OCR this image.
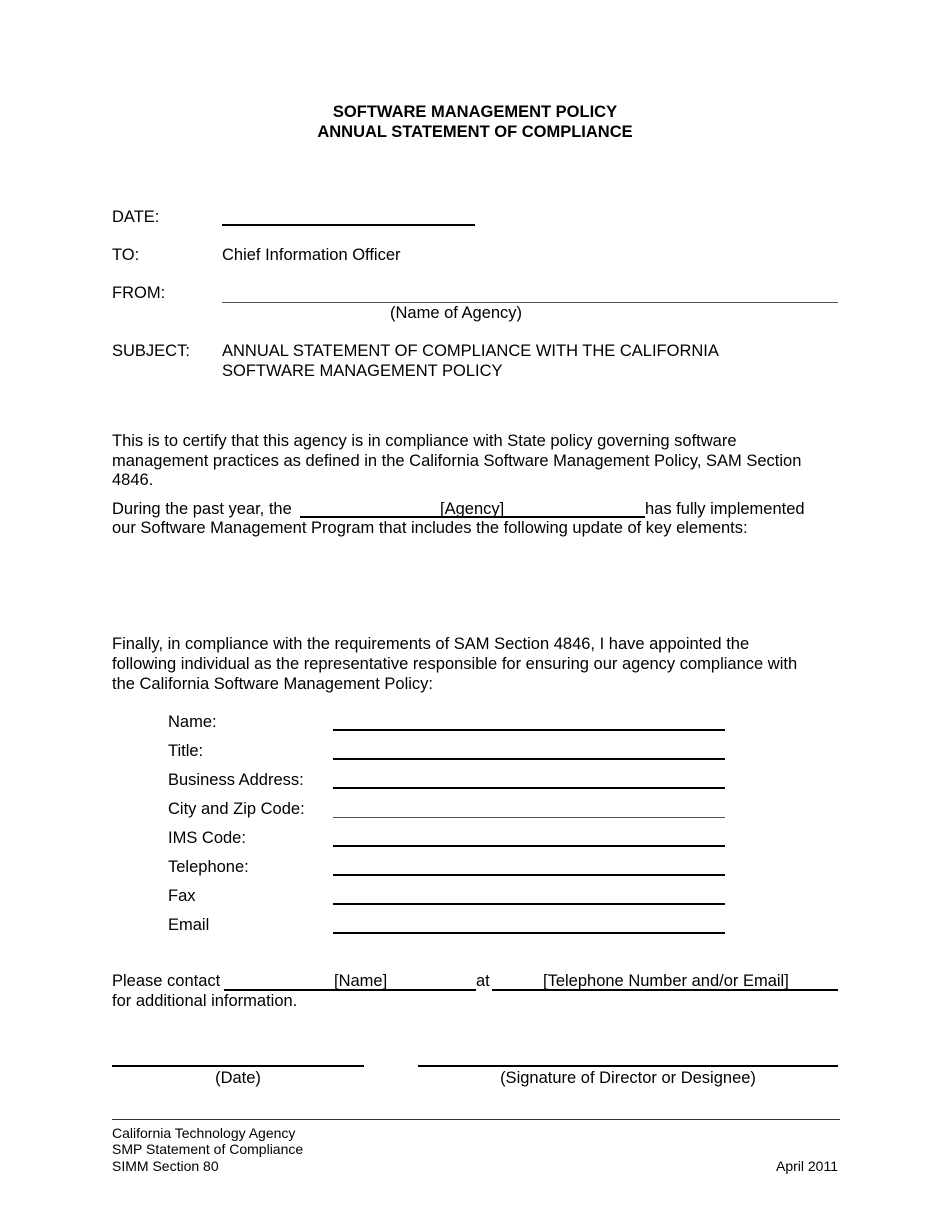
SOFTWARE MANAGEMENT POLICY
ANNUAL STATEMENT OF COMPLIANCE
DATE:
TO:	Chief Information Officer
FROM:
(Name of Agency)
SUBJECT: ANNUAL STATEMENT OF COMPLIANCE WITH THE CALIFORNIA
SOFTWARE MANAGEMENT POLICY
This is to certify that this agency is in compliance with State policy governing software
management practices as defined in the California Software Management Policy, SAM Section
4846.
During the past year, the	[Agency]	has fully implemented
our Software Management Program that includes the following update of key elements:
Finally, in compliance with the requirements of SAM Section 4846, I have appointed the
following individual as the representative responsible for ensuring our agency compliance with
the California Software Management Policy:
Name:
Title:
Business Address:
City and Zip Code:
IMS Code:
Telephone:
Fax
Email
Please contact	[Name]	at	[Telephone Number and/or Email]
for additional information.
(Date)	(Signature of Director or Designee)
California Technology Agency
SMP Statement of Compliance
SIMM Section 80	April 2011
